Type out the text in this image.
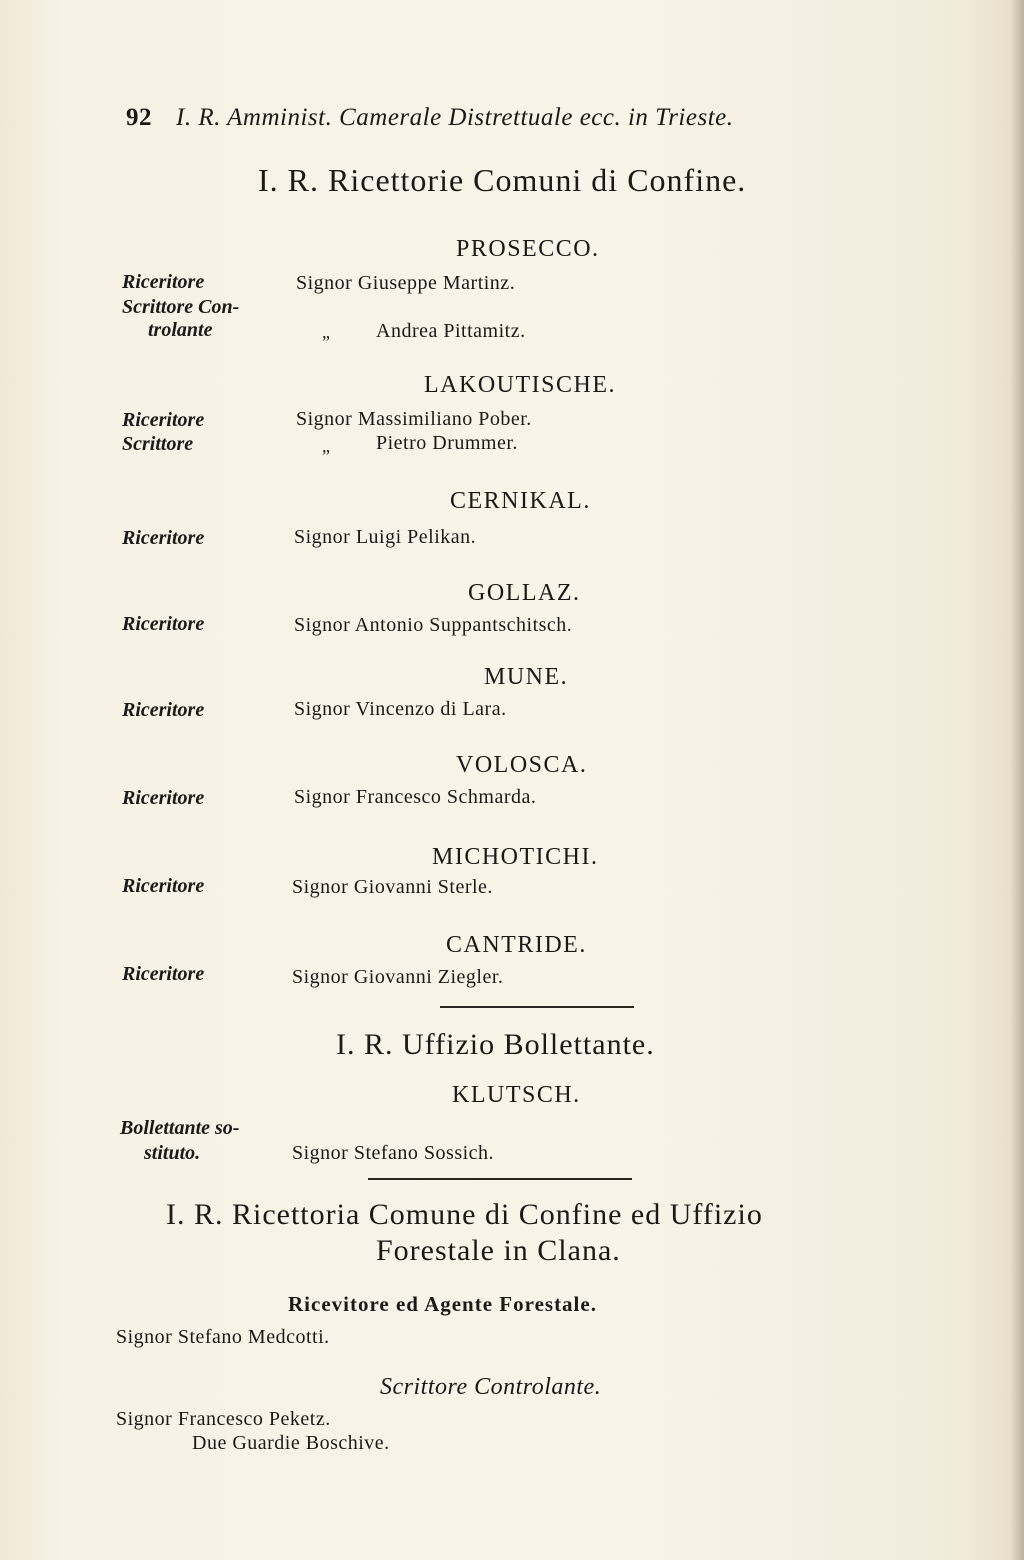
92 I. R. Amminist. Camerale Distrettuale ecc. in Trieste.
I. R. Ricettorie Comuni di Confine.
PROSECCO.
Riceritore	Signor Giuseppe Martinz.
Scrittore Con-
trolante	„ Andrea Pittamitz.
LAKOUTISCHE.
Riceritore	Signor Massimiliano Pober.
Scrittore	„ Pietro Drummer.
CERNIKAL.
Riceritore	Signor Luigi Pelikan.
GOLLAZ.
Riceritore	Signor Antonio Suppantschitsch.
MUNE.
Riceritore	Signor Vincenzo di Lara.
VOLOSCA.
Riceritore	Signor Francesco Schmarda.
MICHOTICHI.
Riceritore	Signor Giovanni Sterle.
CANTRIDE.
Riceritore	Signor Giovanni Ziegler.
I. R. Uffizio Bollettante.
KLUTSCH.
Bollettante so-
stituto.	Signor Stefano Sossich.
I. R. Ricettoria Comune di Confine ed Uffizio
Forestale in Clana.
Ricevitore ed Agente Forestale.
Signor Stefano Medcotti.
Scrittore Controlante.
Signor Francesco Peketz.
Due Guardie Boschive.
